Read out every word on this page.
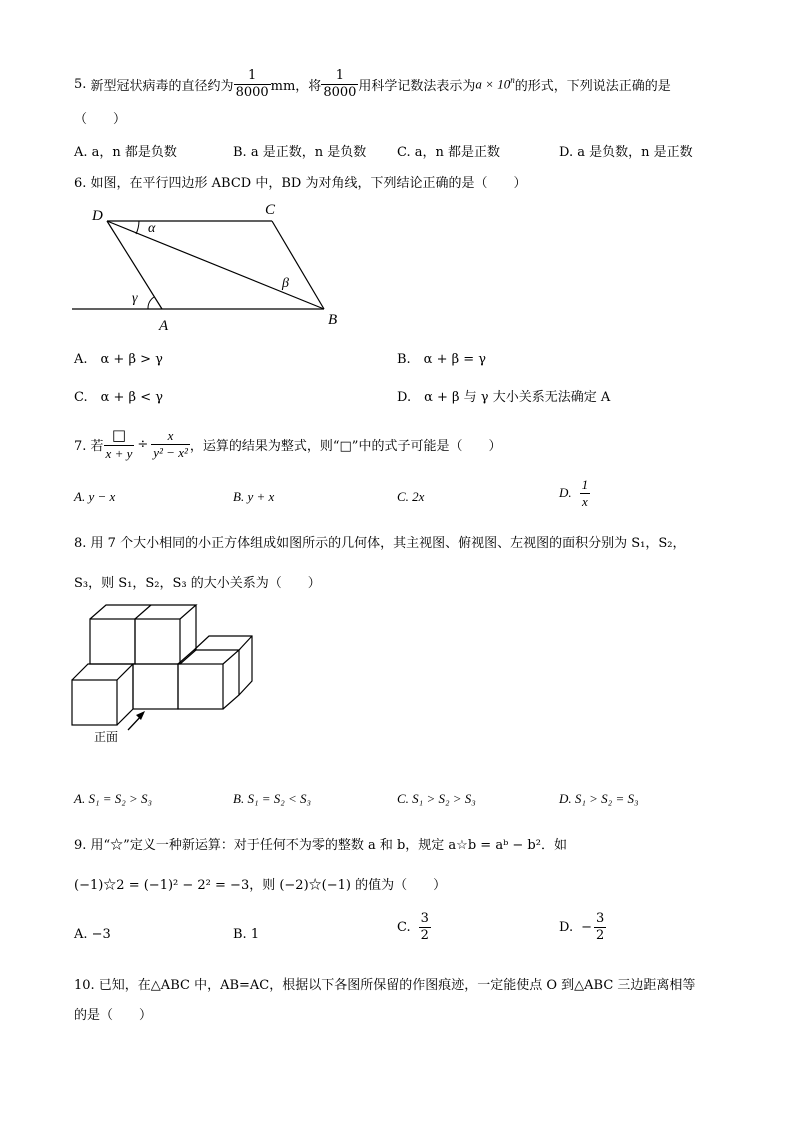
5.
新型冠状病毒的直径约为 $\frac{1}{8000}$ mm，将 $\frac{1}{8000}$ 用科学记数法表示为 $a \times 10^n$ 的形式，下列说法正确的是
（　　）
A. a，n 都是负数	B. a 是正数，n 是负数 C. a，n 都是正数	D. a 是负数，n 是正数
6. 如图，在平行四边形 ABCD 中，BD 为对角线，下列结论正确的是（　　）
D	C
A	B
α
β
γ
A.　α + β > γ	B.　α + β = γ
C.　α + β < γ	D.　α + β 与 γ 大小关系无法确定 A
7. 若 $\frac{□}{x + y} \div \frac{x}{\text{y² − x²}}$ ，运算的结果为整式，则“□”中的式子可能是（　　）
A. y − x	B. y + x	C. 2x	D. $\frac{1}{x}$
8. 用 7 个大小相同的小正方体组成如图所示的几何体，其主视图、俯视图、左视图的面积分别为 S₁，S₂，
S₃，则 S₁，S₂，S₃ 的大小关系为（　　）
正面
A. S₁ = S₂ > S₃	B. S₁ = S₂ < S₃	C. S₁ > S₂ > S₃	D. S₁ > S₂ = S₃
9. 用“☆”定义一种新运算：对于任何不为零的整数 a 和 b，规定 a☆b = aᵇ − b²．如
(−1)☆2 = (−1)² − 2² = −3，则 (−2)☆(−1) 的值为（　　）
A. −3	B. 1	C. $\frac{3}{2}$	D. − $\frac{3}{2}$
10. 已知，在△ABC 中，AB=AC，根据以下各图所保留的作图痕迹，一定能使点 O 到△ABC 三边距离相等
的是（　　）
